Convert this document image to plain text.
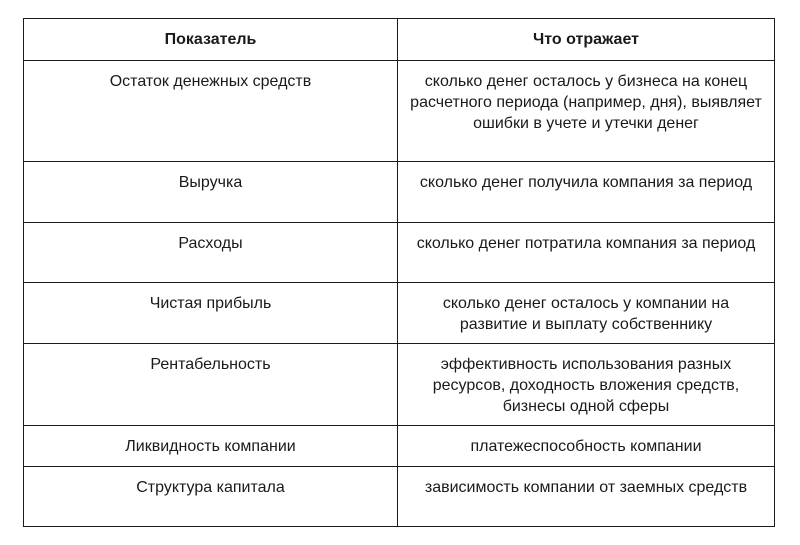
Показатель	Что отражает
Остаток денежных средств	сколько денег осталось у бизнеса на конец расчетного периода (например, дня), выявляет ошибки в учете и утечки денег
Выручка	сколько денег получила компания за период
Расходы	сколько денег потратила компания за период
Чистая прибыль	сколько денег осталось у компании на развитие и выплату собственнику
Рентабельность	эффективность использования разных ресурсов, доходность вложения средств, бизнесы одной сферы
Ликвидность компании	платежеспособность компании
Структура капитала	зависимость компании от заемных средств
